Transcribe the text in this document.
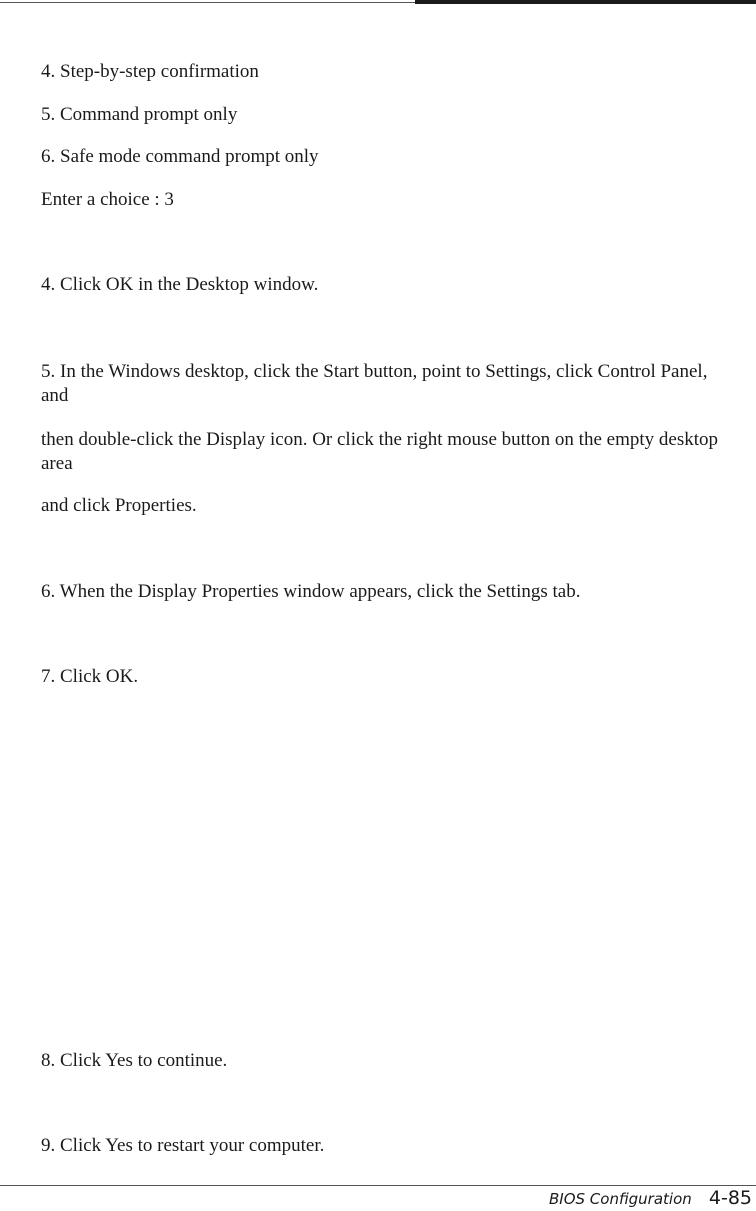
4. Step-by-step confirmation

5. Command prompt only

6. Safe mode command prompt only

Enter a choice : 3

4. Click OK in the Desktop window.

5. In the Windows desktop, click the Start button, point to Settings, click Control Panel, and

then double-click the Display icon. Or click the right mouse button on the empty desktop area

and click Properties.

6. When the Display Properties window appears, click the Settings tab.

7. Click OK.

8. Click Yes to continue.

9. Click Yes to restart your computer.

BIOS Configuration 4-85
